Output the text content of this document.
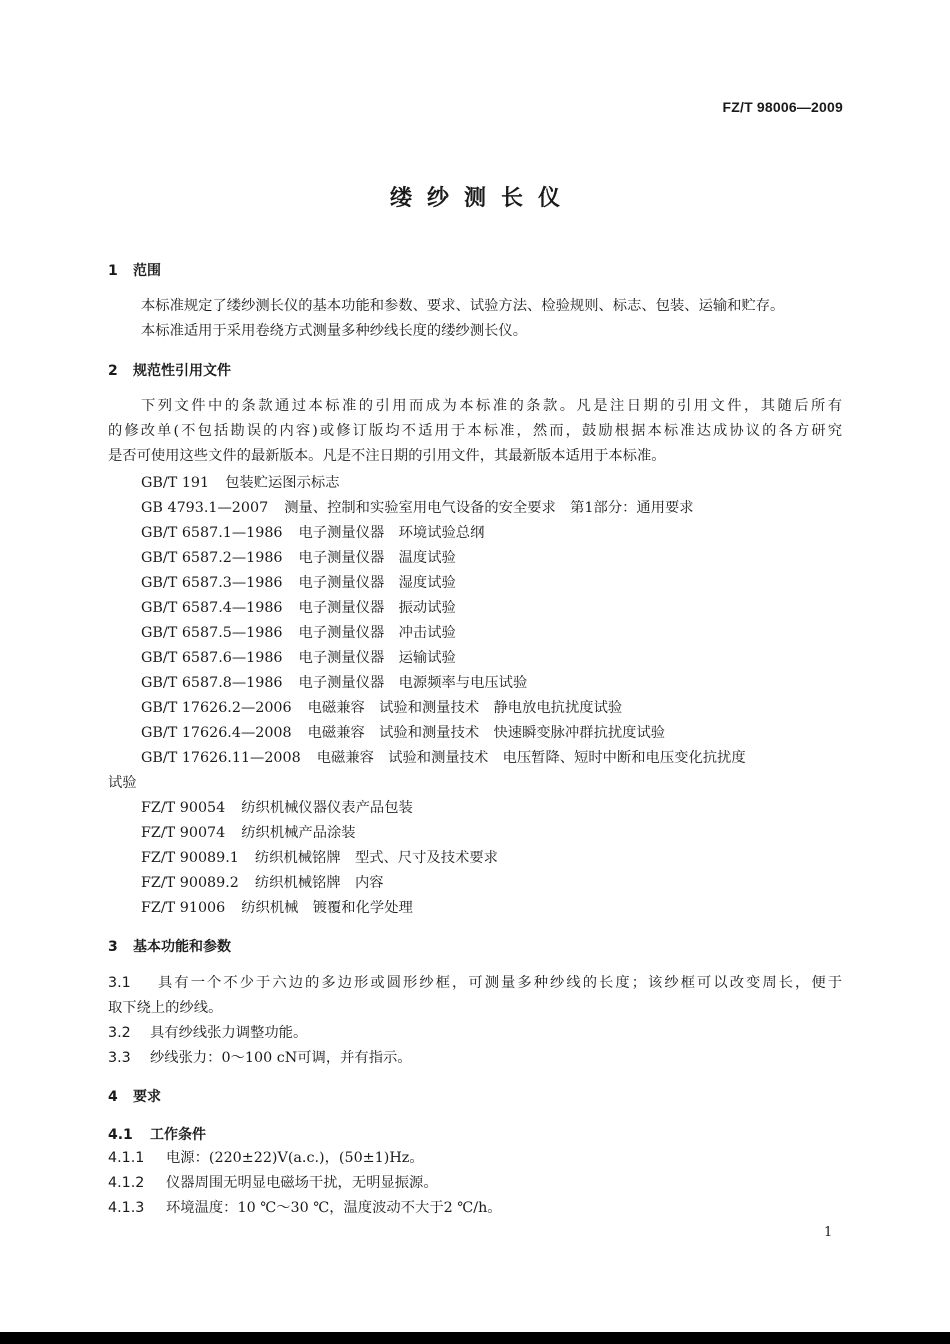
FZ/T 98006—2009
缕纱测长仪
1 范围
本标准规定了缕纱测长仪的基本功能和参数、要求、试验方法、检验规则、标志、包装、运输和贮存。
本标准适用于采用卷绕方式测量多种纱线长度的缕纱测长仪。
2 规范性引用文件
下列文件中的条款通过本标准的引用而成为本标准的条款。凡是注日期的引用文件，其随后所有
的修改单(不包括勘误的内容)或修订版均不适用于本标准，然而，鼓励根据本标准达成协议的各方研究
是否可使用这些文件的最新版本。凡是不注日期的引用文件，其最新版本适用于本标准。
GB/T 191 包装贮运图示标志
GB 4793.1—2007 测量、控制和实验室用电气设备的安全要求　第1部分：通用要求
GB/T 6587.1—1986 电子测量仪器　环境试验总纲
GB/T 6587.2—1986 电子测量仪器　温度试验
GB/T 6587.3—1986 电子测量仪器　湿度试验
GB/T 6587.4—1986 电子测量仪器　振动试验
GB/T 6587.5—1986 电子测量仪器　冲击试验
GB/T 6587.6—1986 电子测量仪器　运输试验
GB/T 6587.8—1986 电子测量仪器　电源频率与电压试验
GB/T 17626.2—2006 电磁兼容　试验和测量技术　静电放电抗扰度试验
GB/T 17626.4—2008 电磁兼容　试验和测量技术　快速瞬变脉冲群抗扰度试验
GB/T 17626.11—2008 电磁兼容　试验和测量技术　电压暂降、短时中断和电压变化抗扰度
试验
FZ/T 90054 纺织机械仪器仪表产品包装
FZ/T 90074 纺织机械产品涂装
FZ/T 90089.1 纺织机械铭牌　型式、尺寸及技术要求
FZ/T 90089.2 纺织机械铭牌　内容
FZ/T 91006 纺织机械　镀覆和化学处理
3 基本功能和参数
3.1 具有一个不少于六边的多边形或圆形纱框，可测量多种纱线的长度；该纱框可以改变周长，便于
取下绕上的纱线。
3.2 具有纱线张力调整功能。
3.3 纱线张力：0～100 cN可调，并有指示。
4 要求
4.1 工作条件
4.1.1 电源：(220±22)V(a.c.)，(50±1)Hz。
4.1.2 仪器周围无明显电磁场干扰，无明显振源。
4.1.3 环境温度：10 ℃～30 ℃，温度波动不大于2 ℃/h。
1
